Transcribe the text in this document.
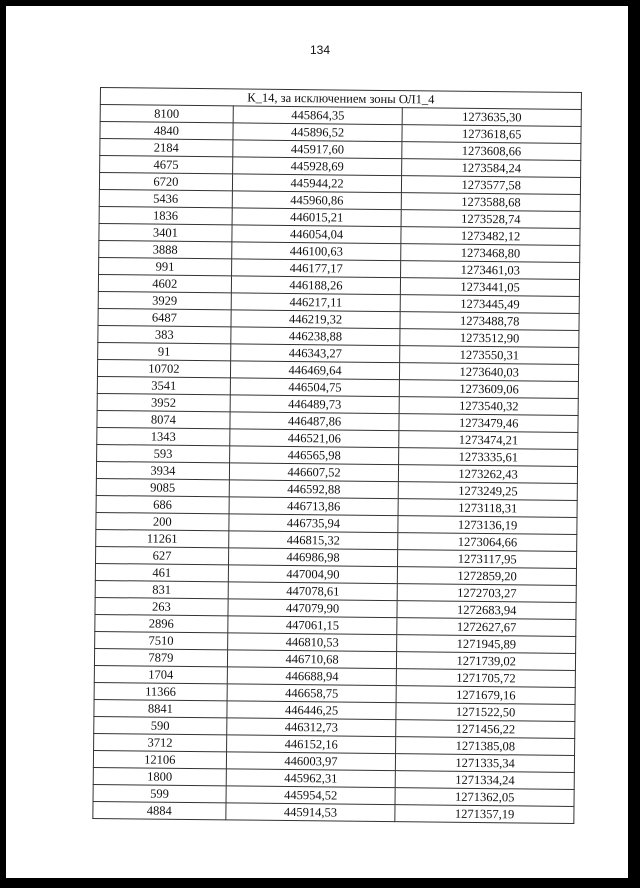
134
К_14, за исключением зоны ОЛ1_4		
8100	445864,35	1273635,30
4840	445896,52	1273618,65
2184	445917,60	1273608,66
4675	445928,69	1273584,24
6720	445944,22	1273577,58
5436	445960,86	1273588,68
1836	446015,21	1273528,74
3401	446054,04	1273482,12
3888	446100,63	1273468,80
991	446177,17	1273461,03
4602	446188,26	1273441,05
3929	446217,11	1273445,49
6487	446219,32	1273488,78
383	446238,88	1273512,90
91	446343,27	1273550,31
10702	446469,64	1273640,03
3541	446504,75	1273609,06
3952	446489,73	1273540,32
8074	446487,86	1273479,46
1343	446521,06	1273474,21
593	446565,98	1273335,61
3934	446607,52	1273262,43
9085	446592,88	1273249,25
686	446713,86	1273118,31
200	446735,94	1273136,19
11261	446815,32	1273064,66
627	446986,98	1273117,95
461	447004,90	1272859,20
831	447078,61	1272703,27
263	447079,90	1272683,94
2896	447061,15	1272627,67
7510	446810,53	1271945,89
7879	446710,68	1271739,02
1704	446688,94	1271705,72
11366	446658,75	1271679,16
8841	446446,25	1271522,50
590	446312,73	1271456,22
3712	446152,16	1271385,08
12106	446003,97	1271335,34
1800	445962,31	1271334,24
599	445954,52	1271362,05
4884	445914,53	1271357,19
